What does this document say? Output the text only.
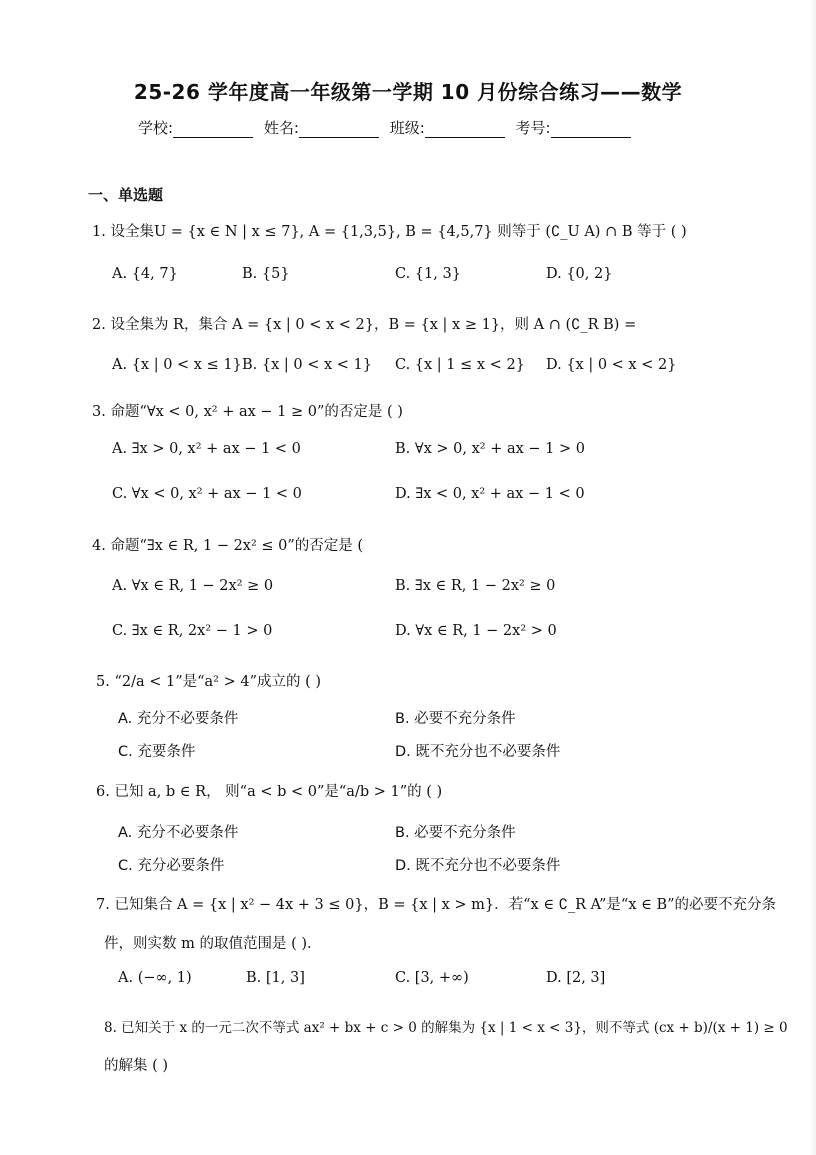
25-26 学年度高一年级第一学期 10 月份综合练习——数学
学校:	姓名:	班级:	考号:
一、单选题
1. 设全集U = {x ∈ N | x ≤ 7}, A = {1,3,5}, B = {4,5,7} 则等于 (∁_U A) ∩ B 等于 ( )
A. {4, 7}	B. {5}	C. {1, 3}	D. {0, 2}
2. 设全集为 R，集合 A = {x | 0 < x < 2}，B = {x | x ≥ 1}，则 A ∩ (∁_R B) =
A. {x | 0 < x ≤ 1} B. {x | 0 < x < 1} C. {x | 1 ≤ x < 2} D. {x | 0 < x < 2}
3. 命题“∀x < 0, x² + ax − 1 ≥ 0”的否定是 ( )
A. ∃x > 0, x² + ax − 1 < 0	B. ∀x > 0, x² + ax − 1 > 0
C. ∀x < 0, x² + ax − 1 < 0	D. ∃x < 0, x² + ax − 1 < 0
4. 命题“∃x ∈ R, 1 − 2x² ≤ 0”的否定是 (
A. ∀x ∈ R, 1 − 2x² ≥ 0	B. ∃x ∈ R, 1 − 2x² ≥ 0
C. ∃x ∈ R, 2x² − 1 > 0	D. ∀x ∈ R, 1 − 2x² > 0
5. “2/a < 1”是“a² > 4”成立的 ( )
A. 充分不必要条件	B. 必要不充分条件
C. 充要条件	D. 既不充分也不必要条件
6. 已知 a, b ∈ R， 则“a < b < 0”是“a/b > 1”的 ( )
A. 充分不必要条件	B. 必要不充分条件
C. 充分必要条件	D. 既不充分也不必要条件
7. 已知集合 A = {x | x² − 4x + 3 ≤ 0}，B = {x | x > m}．若“x ∈ ∁_R A”是“x ∈ B”的必要不充分条
件，则实数 m 的取值范围是 ( ).
A. (−∞, 1)	B. [1, 3]	C. [3, +∞)	D. [2, 3]
8. 已知关于 x 的一元二次不等式 ax² + bx + c > 0 的解集为 {x | 1 < x < 3}，则不等式 (cx + b)/(x + 1) ≥ 0
的解集 ( )
